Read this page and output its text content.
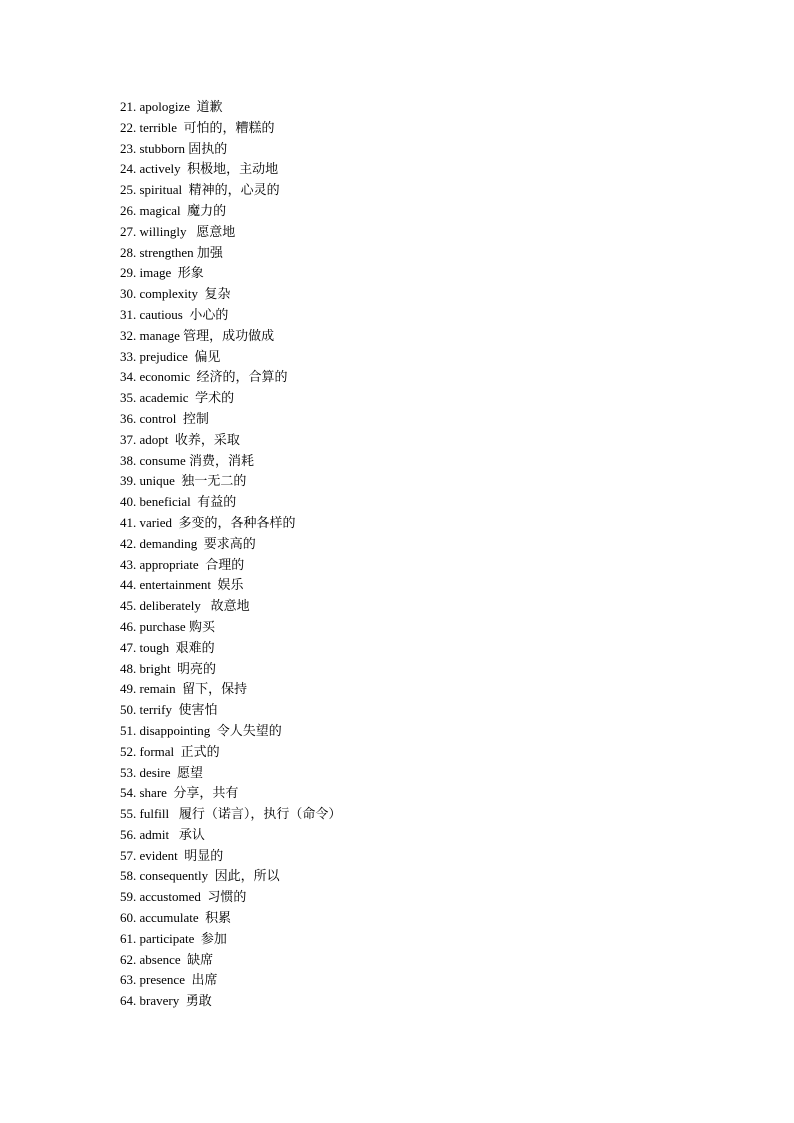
21. apologize  道歉
22. terrible  可怕的，糟糕的
23. stubborn 固执的
24. actively  积极地，主动地
25. spiritual  精神的，心灵的
26. magical  魔力的
27. willingly   愿意地
28. strengthen 加强
29. image  形象
30. complexity  复杂
31. cautious  小心的
32. manage 管理，成功做成
33. prejudice  偏见
34. economic  经济的，合算的
35. academic  学术的
36. control  控制
37. adopt  收养，采取
38. consume 消费，消耗
39. unique  独一无二的
40. beneficial  有益的
41. varied  多变的，各种各样的
42. demanding  要求高的
43. appropriate  合理的
44. entertainment  娱乐
45. deliberately   故意地
46. purchase 购买
47. tough  艰难的
48. bright  明亮的
49. remain  留下，保持
50. terrify  使害怕
51. disappointing  令人失望的
52. formal  正式的
53. desire  愿望
54. share  分享，共有
55. fulfill   履行（诺言），执行（命令）
56. admit   承认
57. evident  明显的
58. consequently  因此，所以
59. accustomed  习惯的
60. accumulate  积累
61. participate  参加
62. absence  缺席
63. presence  出席
64. bravery  勇敢
